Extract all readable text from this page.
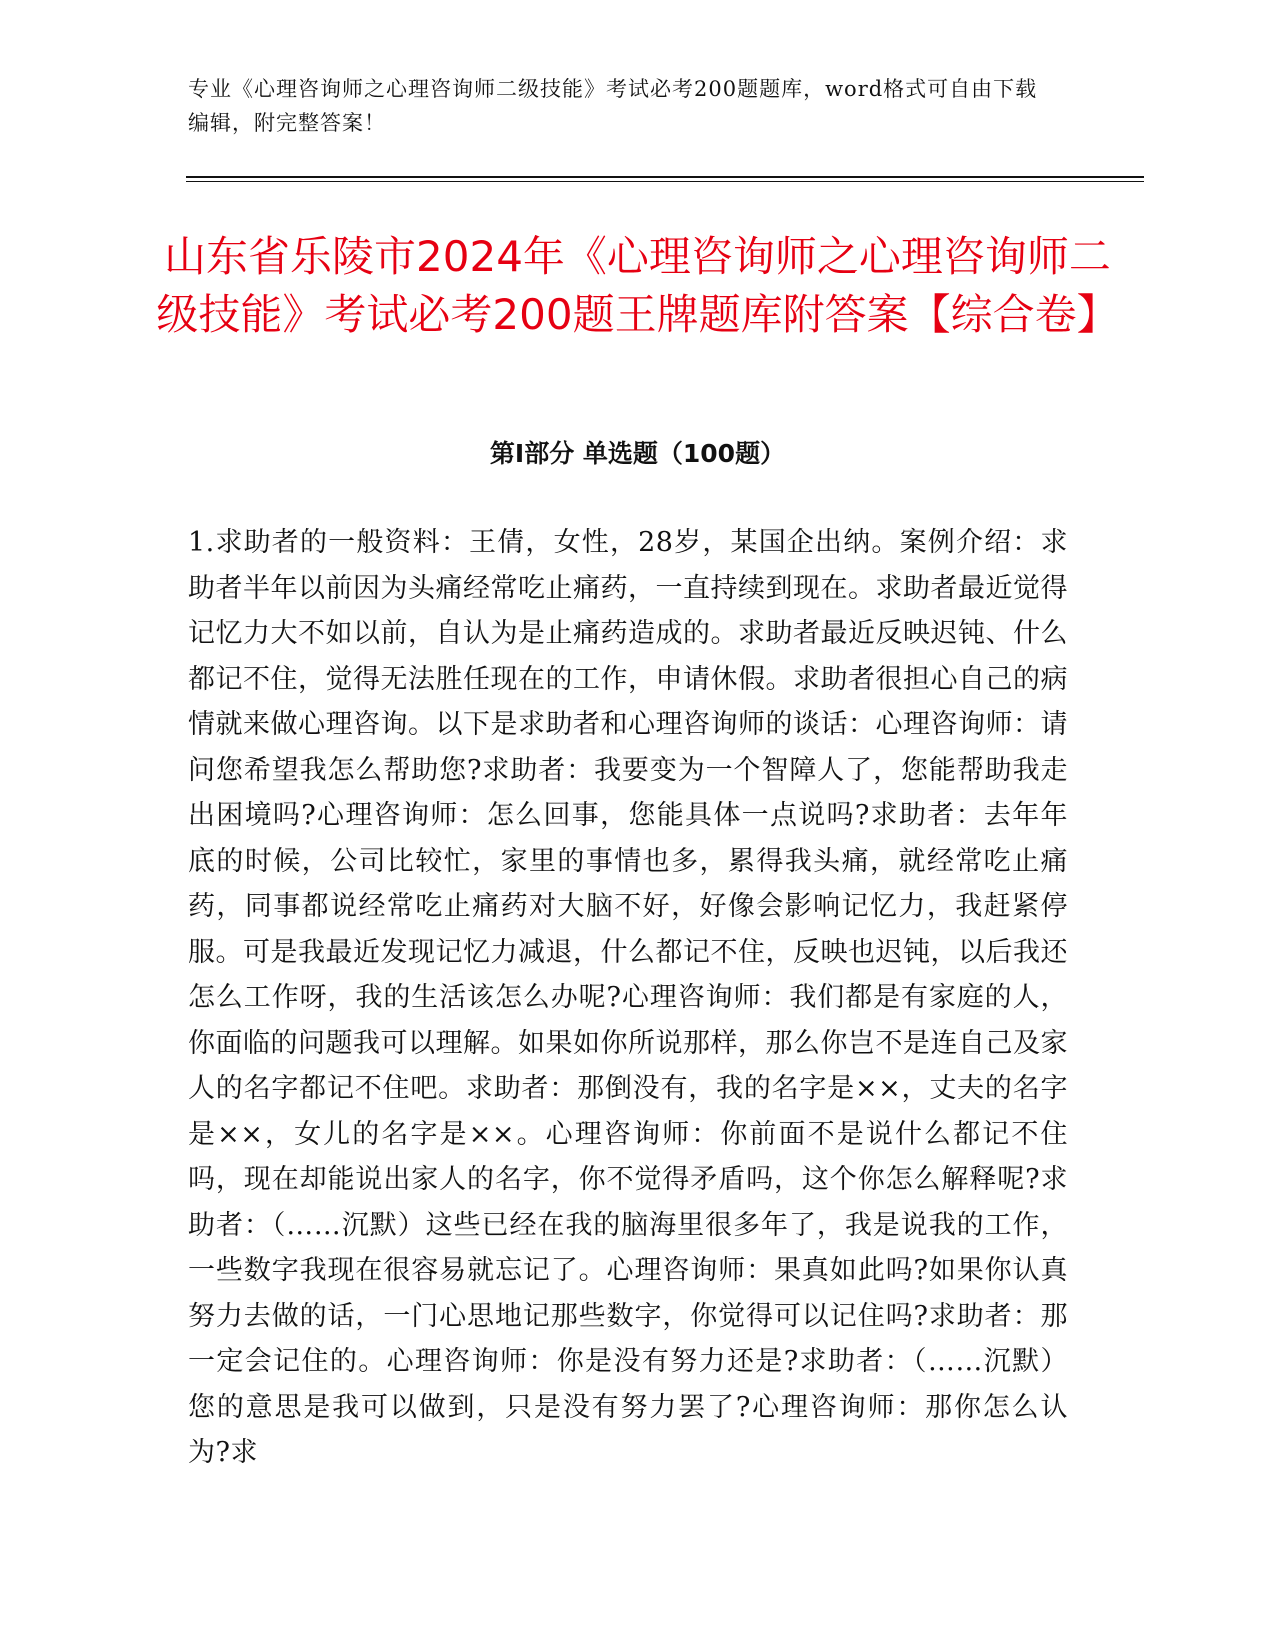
专业《心理咨询师之心理咨询师二级技能》考试必考200题题库，word格式可自由下载编辑，附完整答案！
山东省乐陵市2024年《心理咨询师之心理咨询师二级技能》考试必考200题王牌题库附答案【综合卷】
第Ⅰ部分 单选题（100题）

1.求助者的一般资料：王倩，女性，28岁，某国企出纳。案例介绍：求助者半年以前因为头痛经常吃止痛药，一直持续到现在。求助者最近觉得记忆力大不如以前，自认为是止痛药造成的。求助者最近反映迟钝、什么都记不住，觉得无法胜任现在的工作，申请休假。求助者很担心自己的病情就来做心理咨询。以下是求助者和心理咨询师的谈话：心理咨询师：请问您希望我怎么帮助您?求助者：我要变为一个智障人了，您能帮助我走出困境吗?心理咨询师：怎么回事，您能具体一点说吗?求助者：去年年底的时候，公司比较忙，家里的事情也多，累得我头痛，就经常吃止痛药，同事都说经常吃止痛药对大脑不好，好像会影响记忆力，我赶紧停服。可是我最近发现记忆力减退，什么都记不住，反映也迟钝，以后我还怎么工作呀，我的生活该怎么办呢?心理咨询师：我们都是有家庭的人，你面临的问题我可以理解。如果如你所说那样，那么你岂不是连自己及家人的名字都记不住吧。求助者：那倒没有，我的名字是××，丈夫的名字是××，女儿的名字是××。心理咨询师：你前面不是说什么都记不住吗，现在却能说出家人的名字，你不觉得矛盾吗，这个你怎么解释呢?求助者：（……沉默）这些已经在我的脑海里很多年了，我是说我的工作，一些数字我现在很容易就忘记了。心理咨询师：果真如此吗?如果你认真努力去做的话，一门心思地记那些数字，你觉得可以记住吗?求助者：那一定会记住的。心理咨询师：你是没有努力还是?求助者：（……沉默）您的意思是我可以做到，只是没有努力罢了?心理咨询师：那你怎么认为?求
